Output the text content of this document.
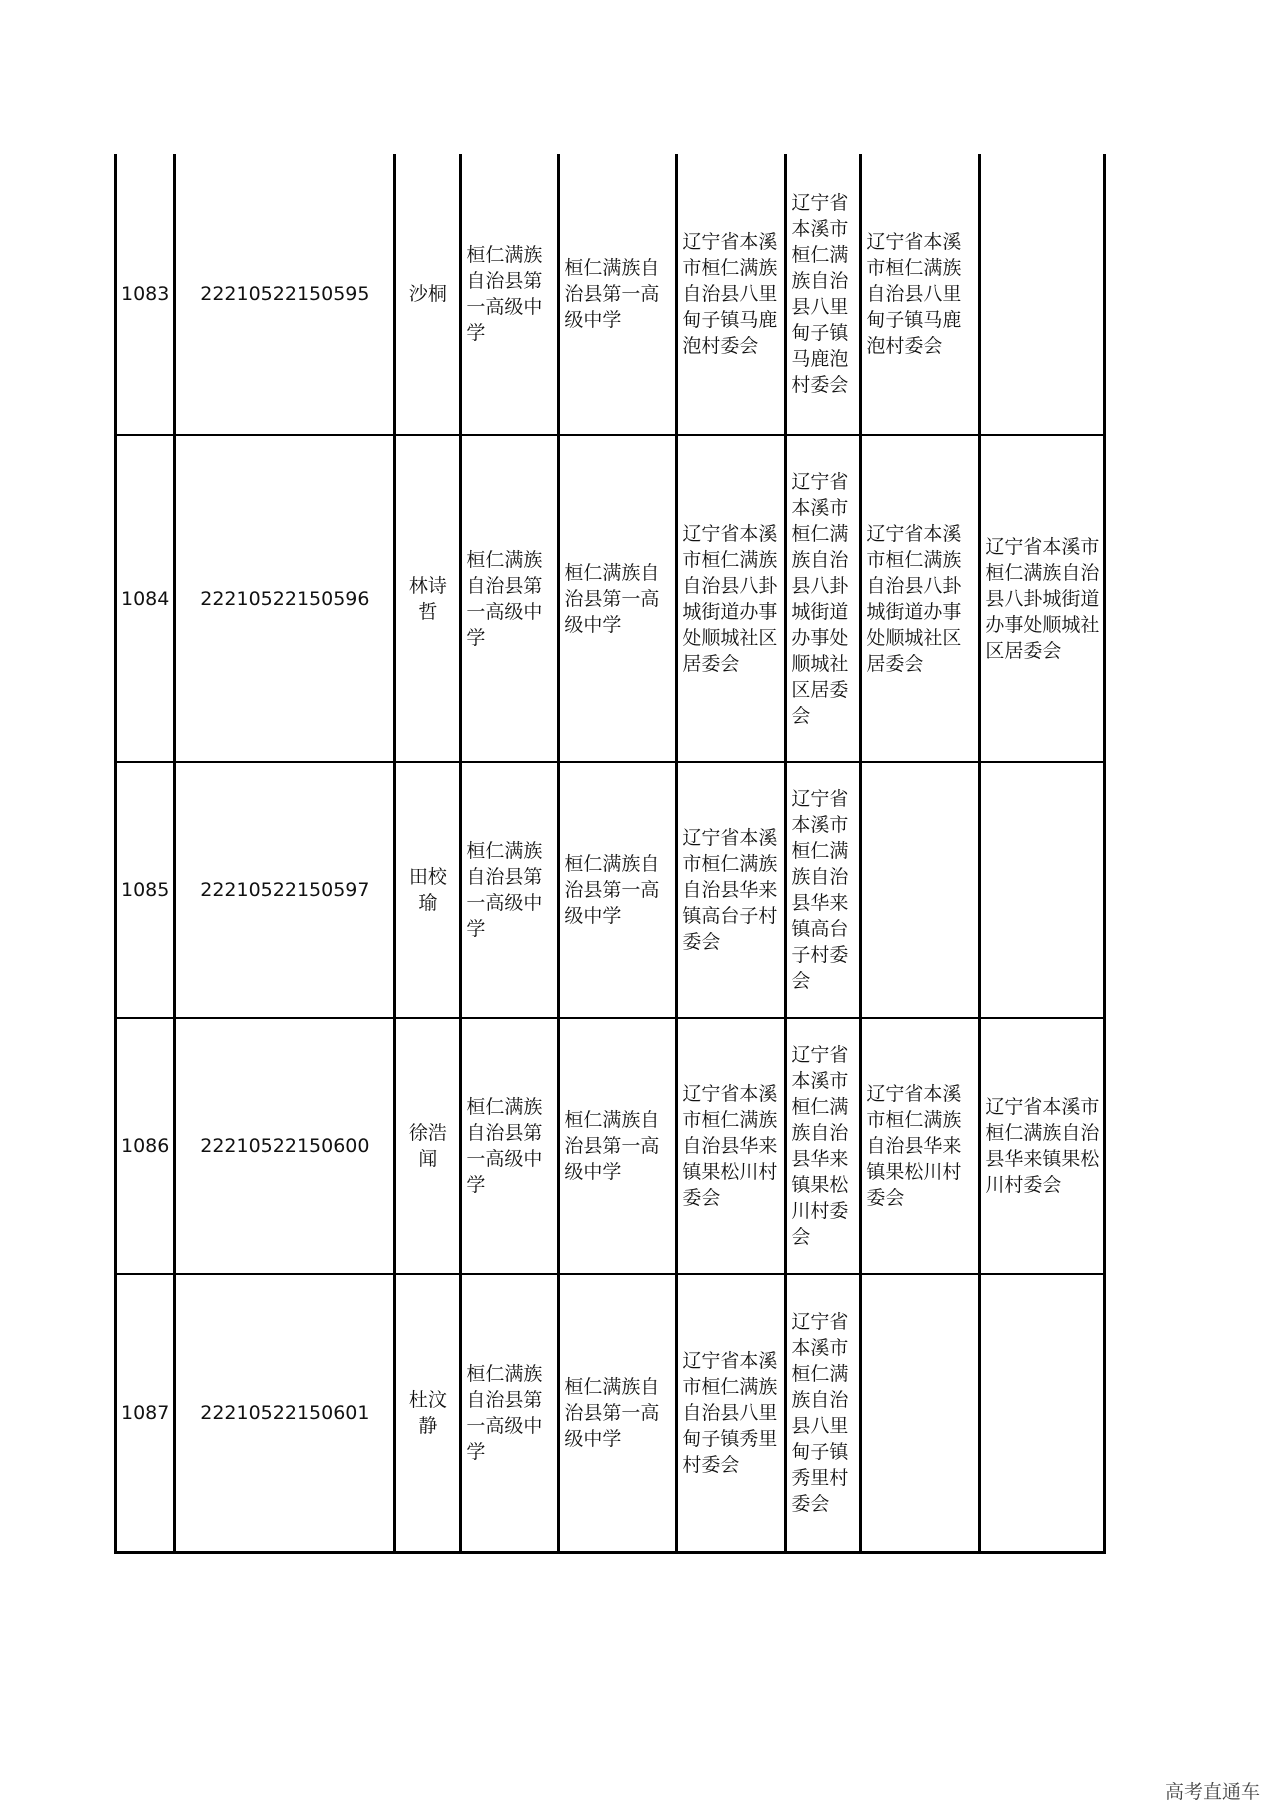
1083	22210522150595	沙桐	桓仁满族自治县第一高级中学	桓仁满族自治县第一高级中学	辽宁省本溪市桓仁满族自治县八里甸子镇马鹿泡村委会	辽宁省本溪市桓仁满族自治县八里甸子镇马鹿泡村委会	辽宁省本溪市桓仁满族自治县八里甸子镇马鹿泡村委会	
1084	22210522150596	林诗哲	桓仁满族自治县第一高级中学	桓仁满族自治县第一高级中学	辽宁省本溪市桓仁满族自治县八卦城街道办事处顺城社区居委会	辽宁省本溪市桓仁满族自治县八卦城街道办事处顺城社区居委会	辽宁省本溪市桓仁满族自治县八卦城街道办事处顺城社区居委会	辽宁省本溪市桓仁满族自治县八卦城街道办事处顺城社区居委会
1085	22210522150597	田校瑜	桓仁满族自治县第一高级中学	桓仁满族自治县第一高级中学	辽宁省本溪市桓仁满族自治县华来镇高台子村委会	辽宁省本溪市桓仁满族自治县华来镇高台子村委会		
1086	22210522150600	徐浩闻	桓仁满族自治县第一高级中学	桓仁满族自治县第一高级中学	辽宁省本溪市桓仁满族自治县华来镇果松川村委会	辽宁省本溪市桓仁满族自治县华来镇果松川村委会	辽宁省本溪市桓仁满族自治县华来镇果松川村委会	辽宁省本溪市桓仁满族自治县华来镇果松川村委会
1087	22210522150601	杜汶静	桓仁满族自治县第一高级中学	桓仁满族自治县第一高级中学	辽宁省本溪市桓仁满族自治县八里甸子镇秀里村委会	辽宁省本溪市桓仁满族自治县八里甸子镇秀里村委会		
高考直通车
